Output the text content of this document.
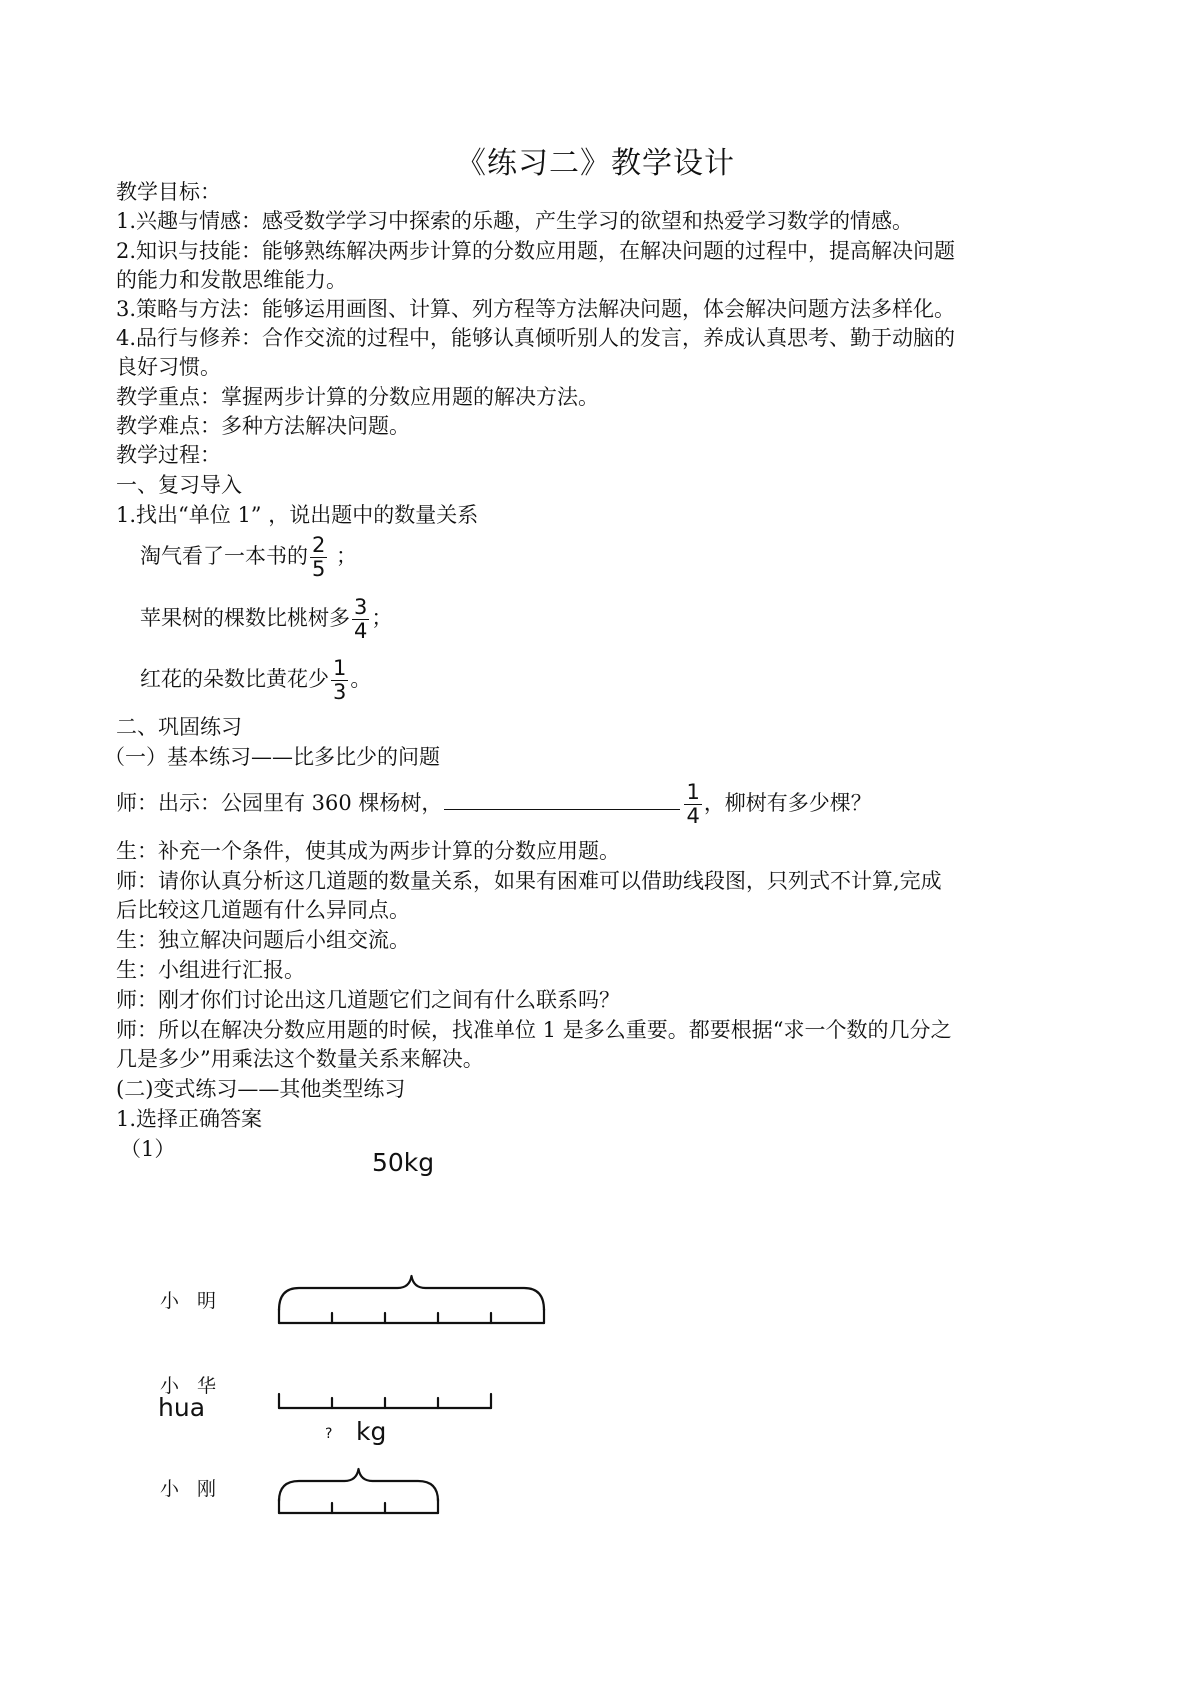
《练习二》教学设计
教学目标：
1.兴趣与情感：感受数学学习中探索的乐趣，产生学习的欲望和热爱学习数学的情感。
2.知识与技能：能够熟练解决两步计算的分数应用题，在解决问题的过程中，提高解决问题
的能力和发散思维能力。
3.策略与方法：能够运用画图、计算、列方程等方法解决问题，体会解决问题方法多样化。
4.品行与修养：合作交流的过程中，能够认真倾听别人的发言，养成认真思考、勤于动脑的
良好习惯。
教学重点：掌握两步计算的分数应用题的解决方法。
教学难点：多种方法解决问题。
教学过程：
一、复习导入
1.找出“单位 1” ，说出题中的数量关系
淘气看了一本书的 $\frac{2}{5}$ ；
苹果树的棵数比桃树多 $\frac{3}{4}$ ；
红花的朵数比黄花少 $\frac{1}{3}$ 。
二、巩固练习
（一）基本练习——比多比少的问题
师：出示：公园里有 360 棵杨树，	$\frac{1}{4}$ ，柳树有多少棵？
生：补充一个条件，使其成为两步计算的分数应用题。
师：请你认真分析这几道题的数量关系，如果有困难可以借助线段图，只列式不计算,完成
后比较这几道题有什么异同点。
生：独立解决问题后小组交流。
生：小组进行汇报。
师：刚才你们讨论出这几道题它们之间有什么联系吗？
师：所以在解决分数应用题的时候，找准单位 1 是多么重要。都要根据“求一个数的几分之
几是多少”用乘法这个数量关系来解决。
(二)变式练习——其他类型练习
1.选择正确答案
（1）	50kg
小 明
小 华
hua
? kg
小 刚
